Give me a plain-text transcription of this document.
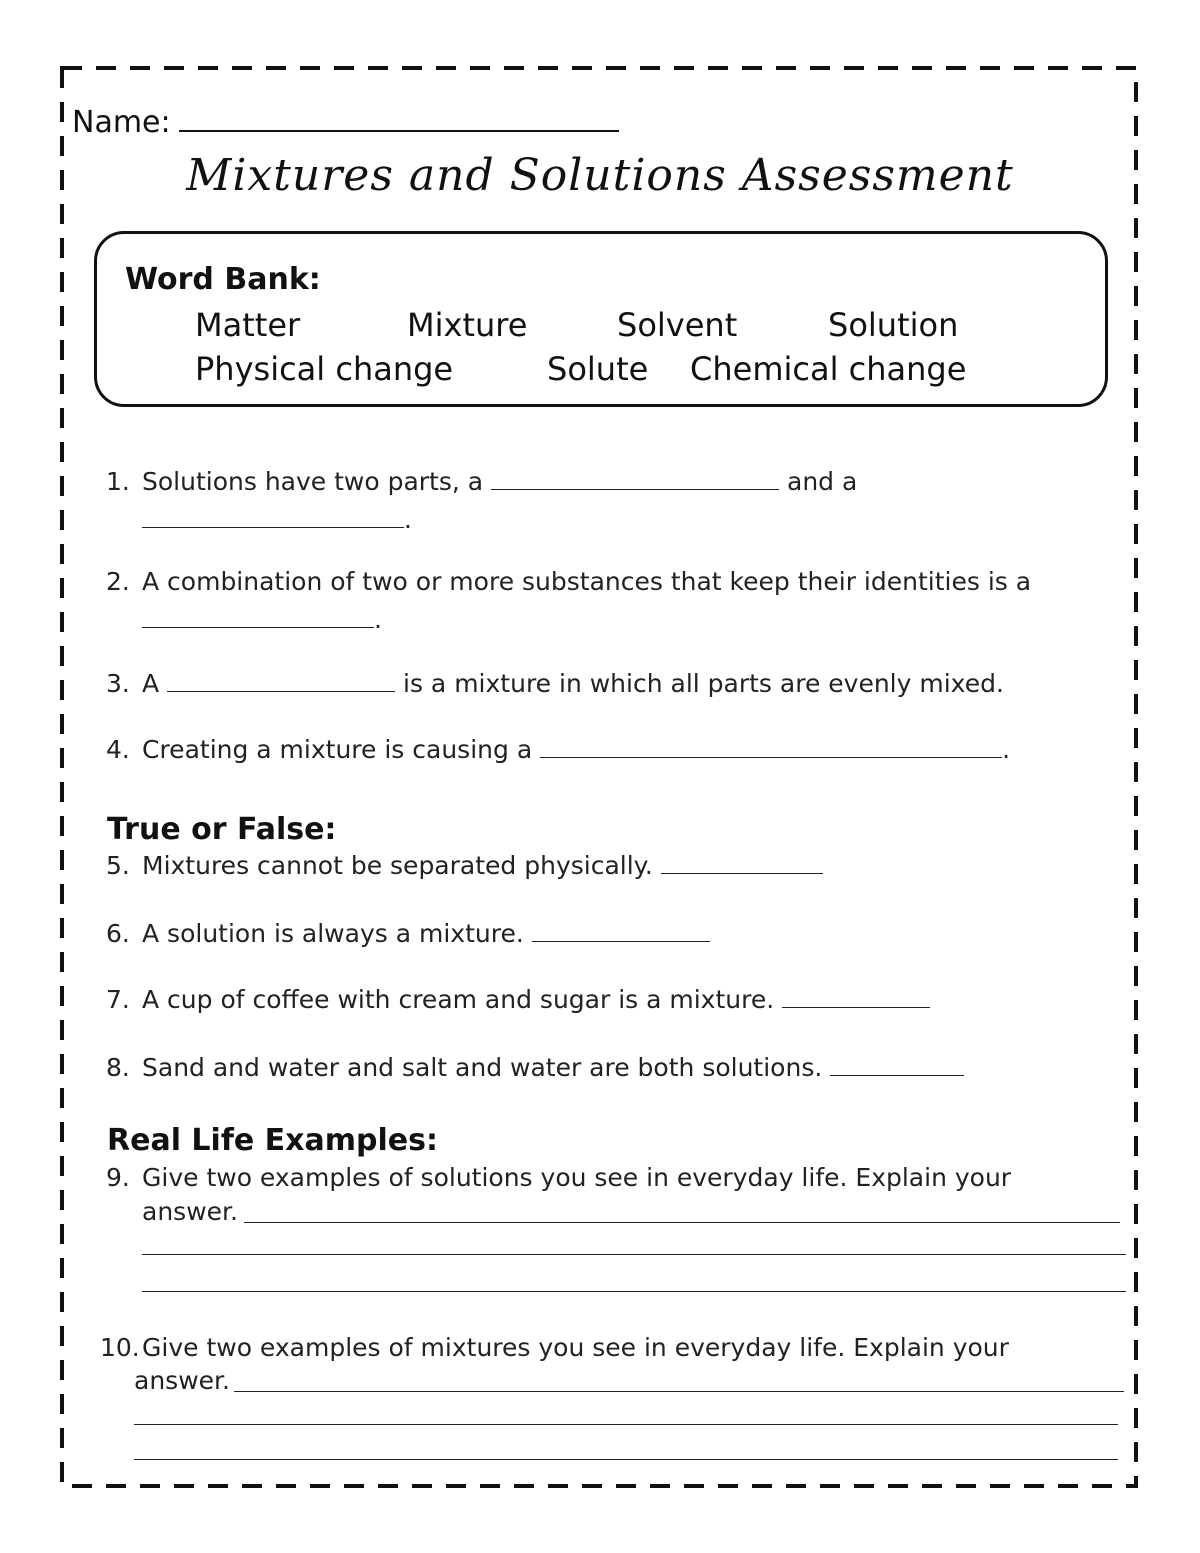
Name:
Mixtures and Solutions Assessment
Word Bank:
Matter	Mixture	Solvent	Solution
Physical change	Solute Chemical change
1. Solutions have two parts, a	and a
.
2. A combination of two or more substances that keep their identities is a
.
3. A	is a mixture in which all parts are evenly mixed.
4. Creating a mixture is causing a	.
True or False:
5. Mixtures cannot be separated physically.
6. A solution is always a mixture.
7. A cup of coffee with cream and sugar is a mixture.
8. Sand and water and salt and water are both solutions.
Real Life Examples:
9. Give two examples of solutions you see in everyday life. Explain your
answer.
10. Give two examples of mixtures you see in everyday life. Explain your
answer.
